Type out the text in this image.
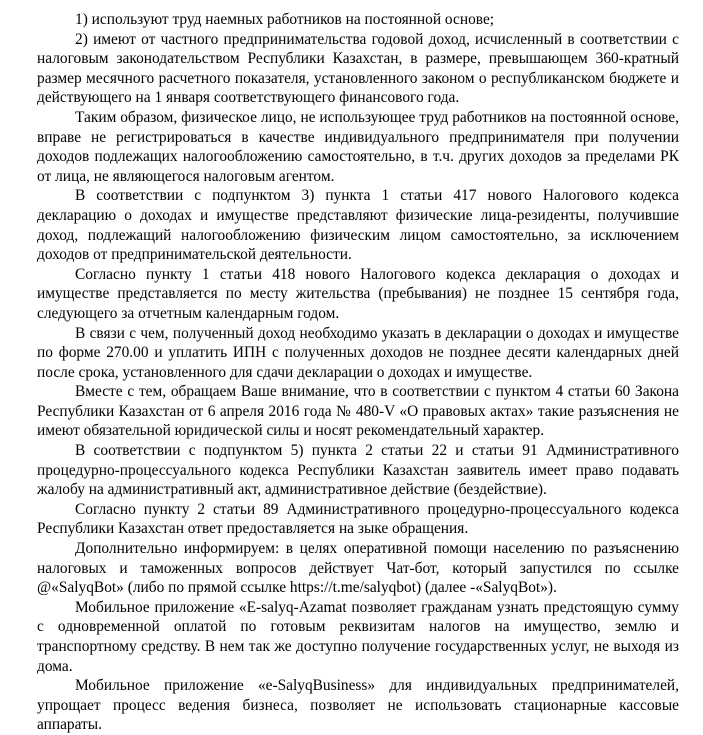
1) используют труд наемных работников на постоянной основе;

2) имеют от частного предпринимательства годовой доход, исчисленный в соответствии с налоговым законодательством Республики Казахстан, в размере, превышающем 360-кратный размер месячного расчетного показателя, установленного законом о республиканском бюджете и действующего на 1 января соответствующего финансового года.

Таким образом, физическое лицо, не использующее труд работников на постоянной основе, вправе не регистрироваться в качестве индивидуального предпринимателя при получении доходов подлежащих налогообложению самостоятельно, в т.ч. других доходов за пределами РК от лица, не являющегося налоговым агентом.

В соответствии с подпунктом 3) пункта 1 статьи 417 нового Налогового кодекса декларацию о доходах и имуществе представляют физические лица-резиденты, получившие доход, подлежащий налогообложению физическим лицом самостоятельно, за исключением доходов от предпринимательской деятельности.

Согласно пункту 1 статьи 418 нового Налогового кодекса декларация о доходах и имуществе представляется по месту жительства (пребывания) не позднее 15 сентября года, следующего за отчетным календарным годом.

В связи с чем, полученный доход необходимо указать в декларации о доходах и имуществе по форме 270.00 и уплатить ИПН с полученных доходов не позднее десяти календарных дней после срока, установленного для сдачи декларации о доходах и имуществе.

Вместе с тем, обращаем Ваше внимание, что в соответствии с пунктом 4 статьи 60 Закона Республики Казахстан от 6 апреля 2016 года № 480-V «О правовых актах» такие разъяснения не имеют обязательной юридической силы и носят рекомендательный характер.

В соответствии с подпунктом 5) пункта 2 статьи 22 и статьи 91 Административного процедурно-процессуального кодекса Республики Казахстан заявитель имеет право подавать жалобу на административный акт, административное действие (бездействие).

Согласно пункту 2 статьи 89 Административного процедурно-процессуального кодекса Республики Казахстан ответ предоставляется на зыке обращения.

Дополнительно информируем: в целях оперативной помощи населению по разъяснению налоговых и таможенных вопросов действует Чат-бот, который запустился по ссылке @«SalyqBot» (либо по прямой ссылке https://t.me/salyqbot) (далее -«SalyqBot»).

Мобильное приложение «E-salyq-Azamat позволяет гражданам узнать предстоящую сумму с одновременной оплатой по готовым реквизитам налогов на имущество, землю и транспортному средству. В нем так же доступно получение государственных услуг, не выходя из дома.

Мобильное приложение «e-SalyqBusiness» для индивидуальных предпринимателей, упрощает процесс ведения бизнеса, позволяет не использовать стационарные кассовые аппараты.
